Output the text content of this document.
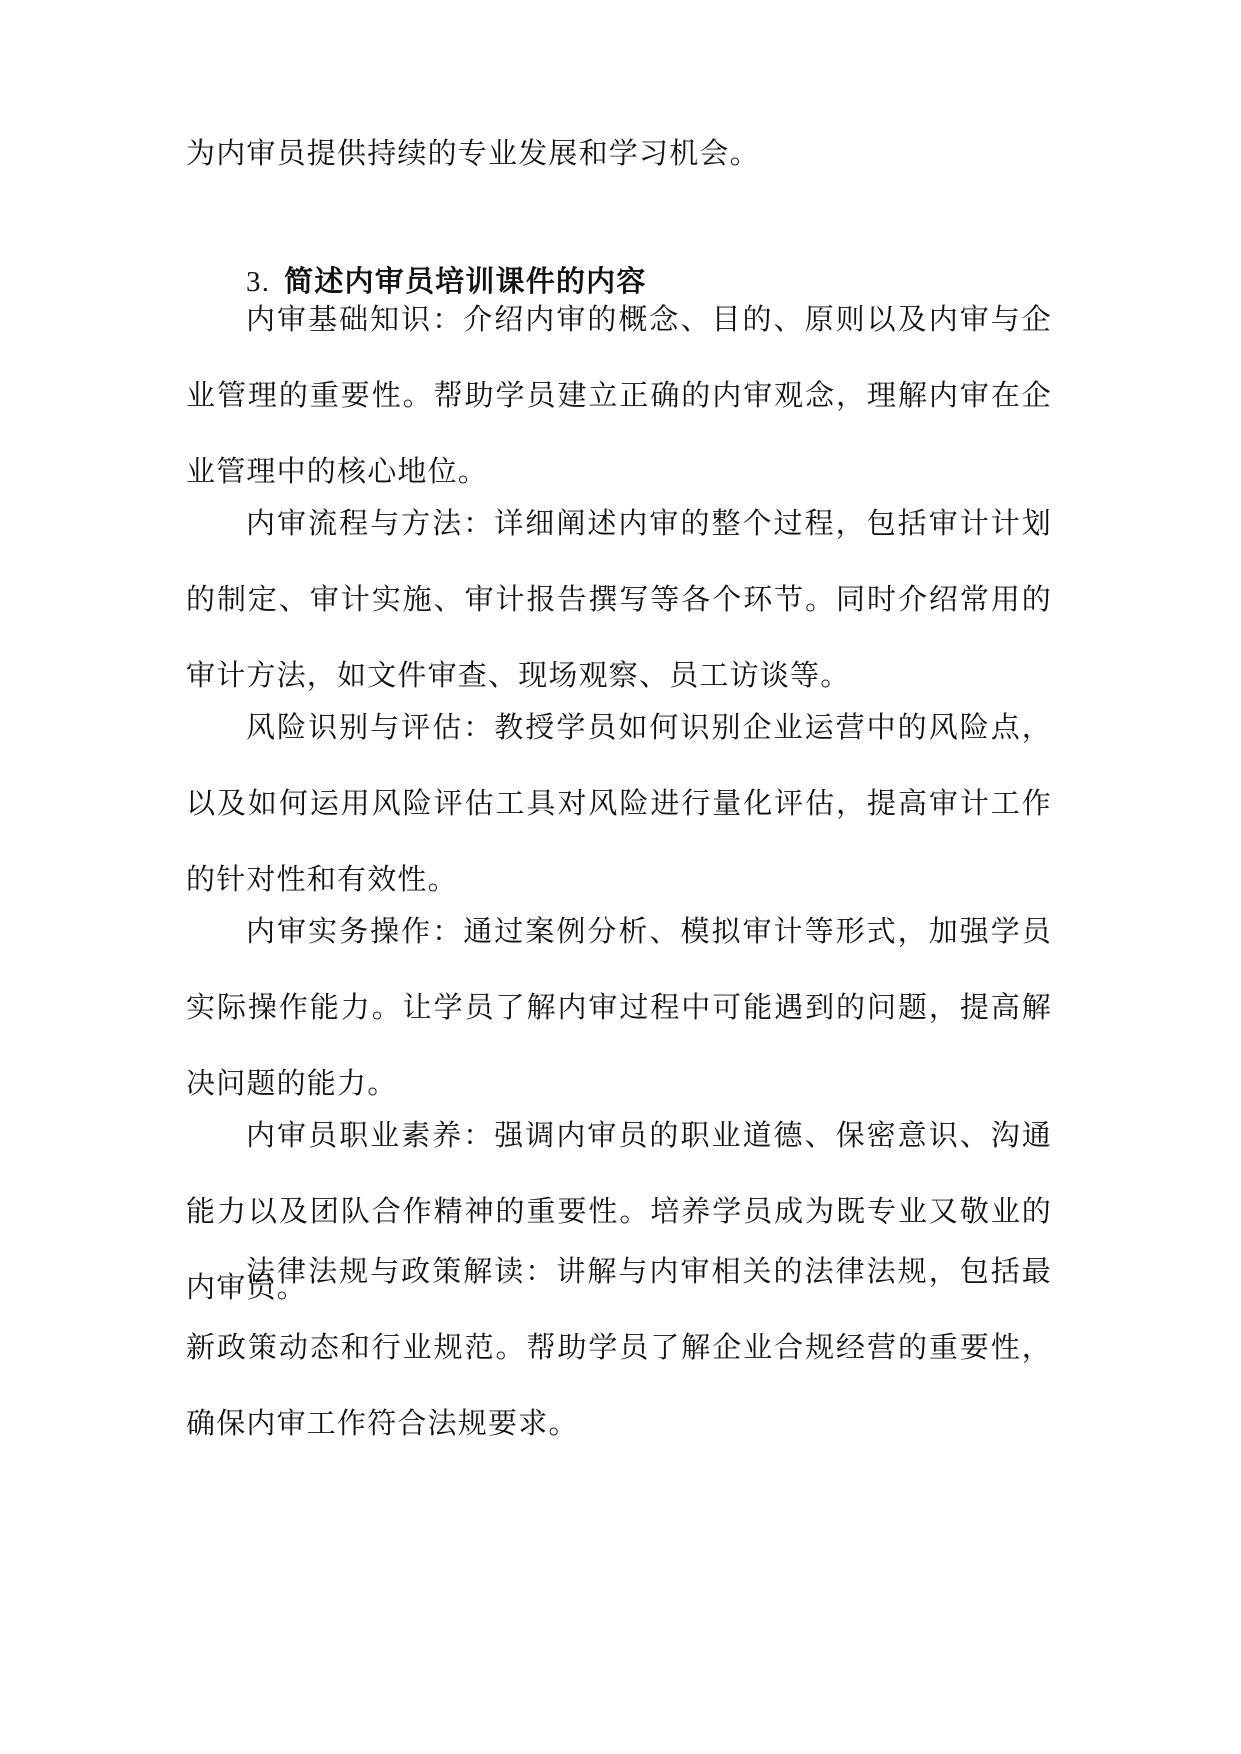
为内审员提供持续的专业发展和学习机会。

3. 简述内审员培训课件的内容

内审基础知识：介绍内审的概念、目的、原则以及内审与企业管理的重要性。帮助学员建立正确的内审观念，理解内审在企业管理中的核心地位。

内审流程与方法：详细阐述内审的整个过程，包括审计计划的制定、审计实施、审计报告撰写等各个环节。同时介绍常用的审计方法，如文件审查、现场观察、员工访谈等。

风险识别与评估：教授学员如何识别企业运营中的风险点，以及如何运用风险评估工具对风险进行量化评估，提高审计工作的针对性和有效性。

内审实务操作：通过案例分析、模拟审计等形式，加强学员实际操作能力。让学员了解内审过程中可能遇到的问题，提高解决问题的能力。

内审员职业素养：强调内审员的职业道德、保密意识、沟通能力以及团队合作精神的重要性。培养学员成为既专业又敬业的内审员。

法律法规与政策解读：讲解与内审相关的法律法规，包括最新政策动态和行业规范。帮助学员了解企业合规经营的重要性，确保内审工作符合法规要求。
